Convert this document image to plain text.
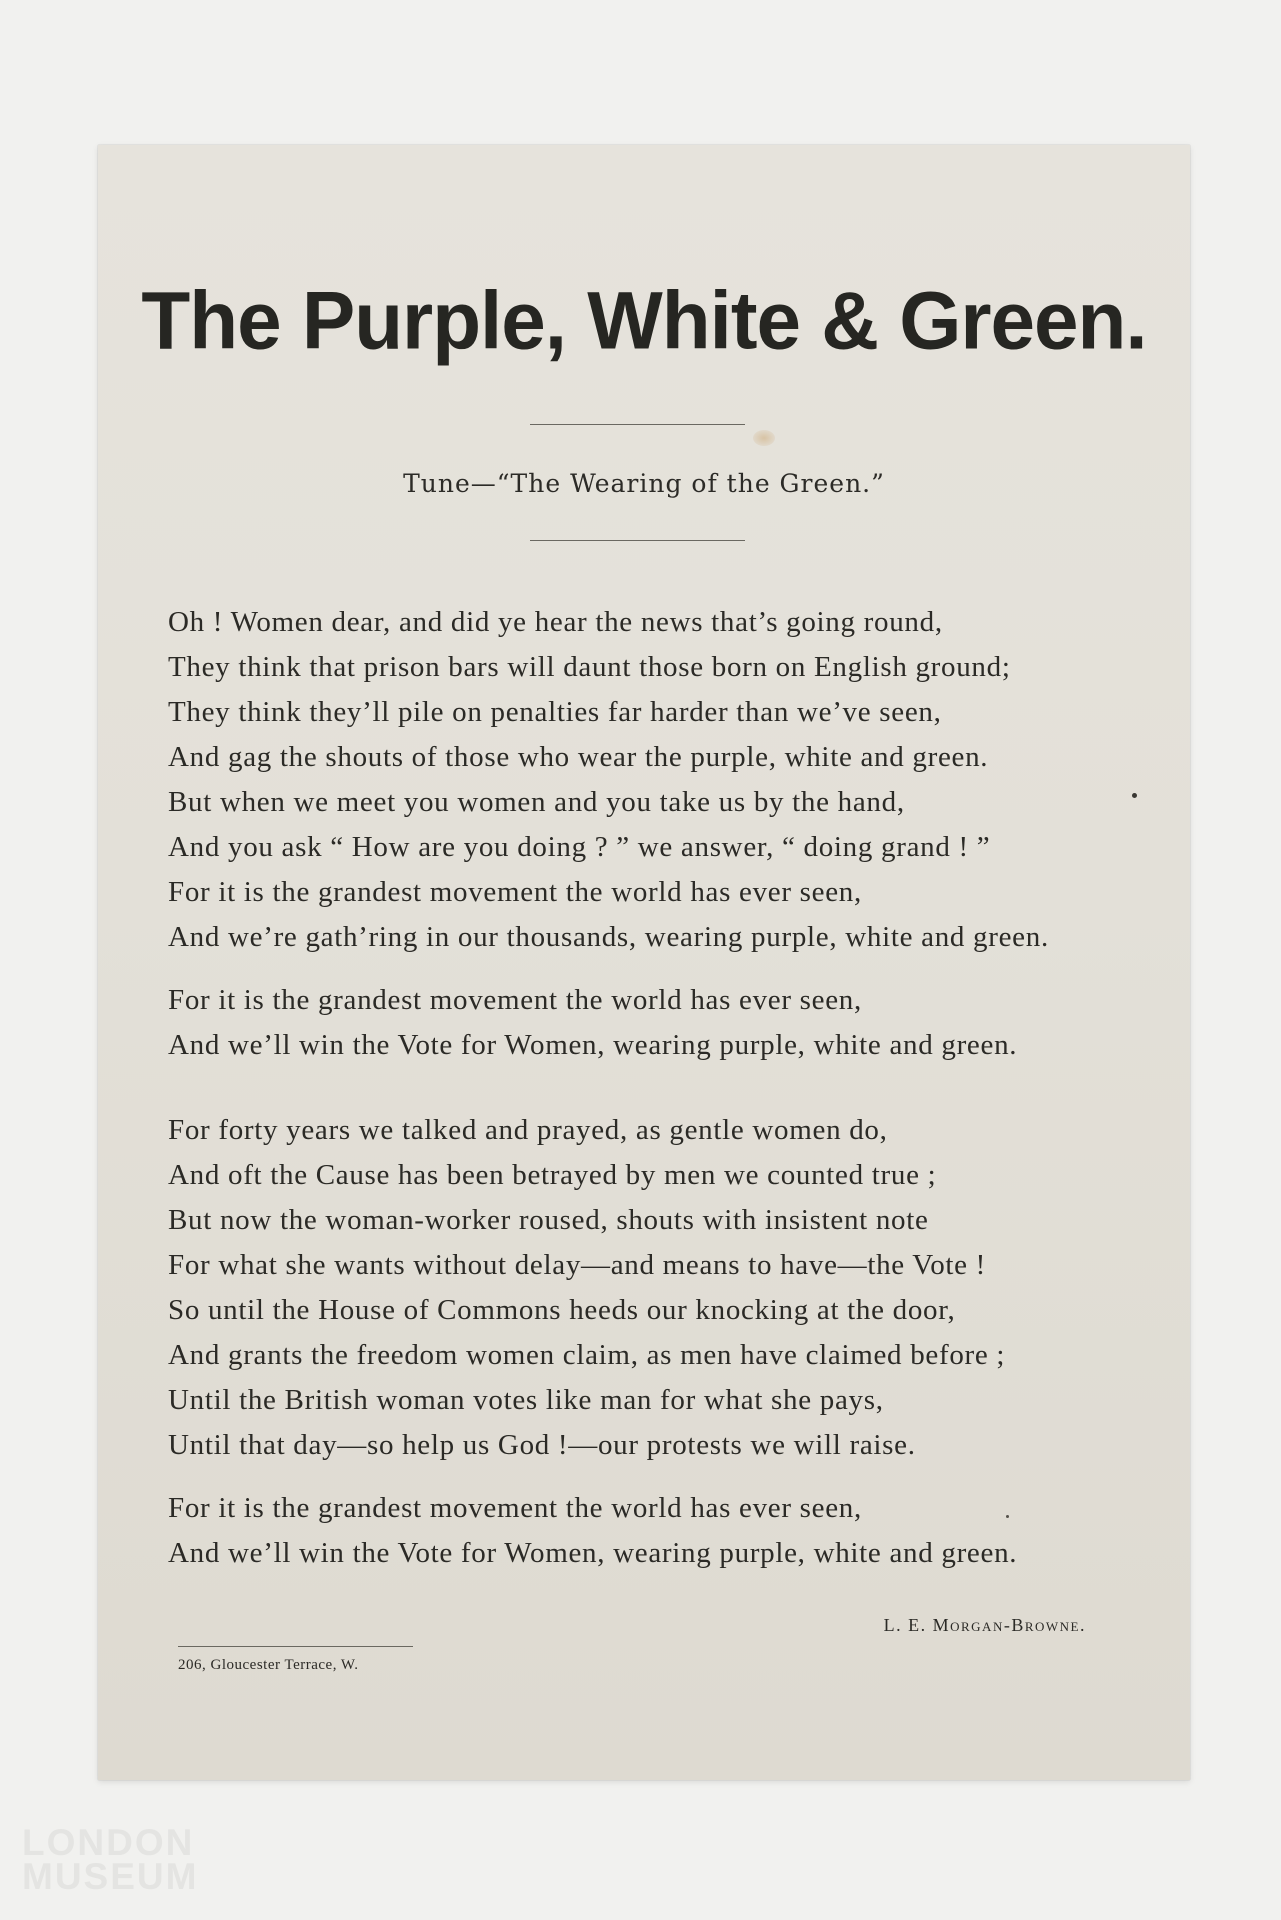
The Purple, White & Green.
Tune—“The Wearing of the Green.”
Oh ! Women dear, and did ye hear the news that’s going round,
They think that prison bars will daunt those born on English ground;
They think they’ll pile on penalties far harder than we’ve seen,
And gag the shouts of those who wear the purple, white and green.
But when we meet you women and you take us by the hand,
And you ask “ How are you doing ? ” we answer, “ doing grand ! ”
For it is the grandest movement the world has ever seen,
And we’re gath’ring in our thousands, wearing purple, white and green.
For it is the grandest movement the world has ever seen,
And we’ll win the Vote for Women, wearing purple, white and green.
For forty years we talked and prayed, as gentle women do,
And oft the Cause has been betrayed by men we counted true ;
But now the woman-worker roused, shouts with insistent note
For what she wants without delay—and means to have—the Vote !
So until the House of Commons heeds our knocking at the door,
And grants the freedom women claim, as men have claimed before ;
Until the British woman votes like man for what she pays,
Until that day—so help us God !—our protests we will raise.
For it is the grandest movement the world has ever seen,
And we’ll win the Vote for Women, wearing purple, white and green.
L. E. Morgan-Browne.
206, Gloucester Terrace, W.
LONDON
MUSEUM
